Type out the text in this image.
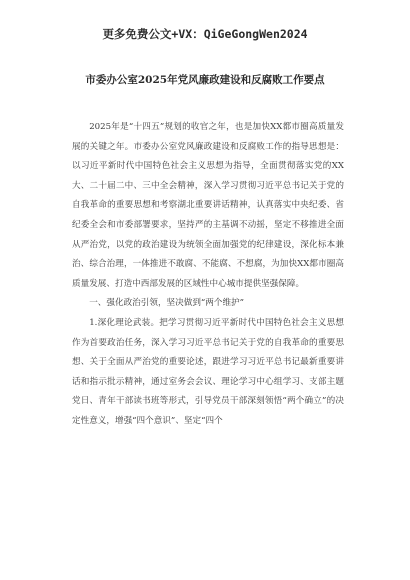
更多免费公文+VX：QiGeGongWen2024
市委办公室2025年党风廉政建设和反腐败工作要点

2025年是“十四五”规划的收官之年，也是加快XX都市圈高质量发展的关键之年。市委办公室党风廉政建设和反腐败工作的指导思想是：以习近平新时代中国特色社会主义思想为指导，全面贯彻落实党的XX大、二十届二中、三中全会精神，深入学习贯彻习近平总书记关于党的自我革命的重要思想和考察湖北重要讲话精神，认真落实中央纪委、省纪委全会和市委部署要求，坚持严的主基调不动摇，坚定不移推进全面从严治党，以党的政治建设为统领全面加强党的纪律建设，深化标本兼治、综合治理，一体推进不敢腐、不能腐、不想腐，为加快XX都市圈高质量发展、打造中西部发展的区域性中心城市提供坚强保障。

一、强化政治引领，坚决做到“两个维护”

1.深化理论武装。把学习贯彻习近平新时代中国特色社会主义思想作为首要政治任务，深入学习习近平总书记关于党的自我革命的重要思想、关于全面从严治党的重要论述，跟进学习习近平总书记最新重要讲话和指示批示精神，通过室务会会议、理论学习中心组学习、支部主题党日、青年干部读书班等形式，引导党员干部深刻领悟“两个确立”的决定性意义，增强“四个意识”、坚定“四个
